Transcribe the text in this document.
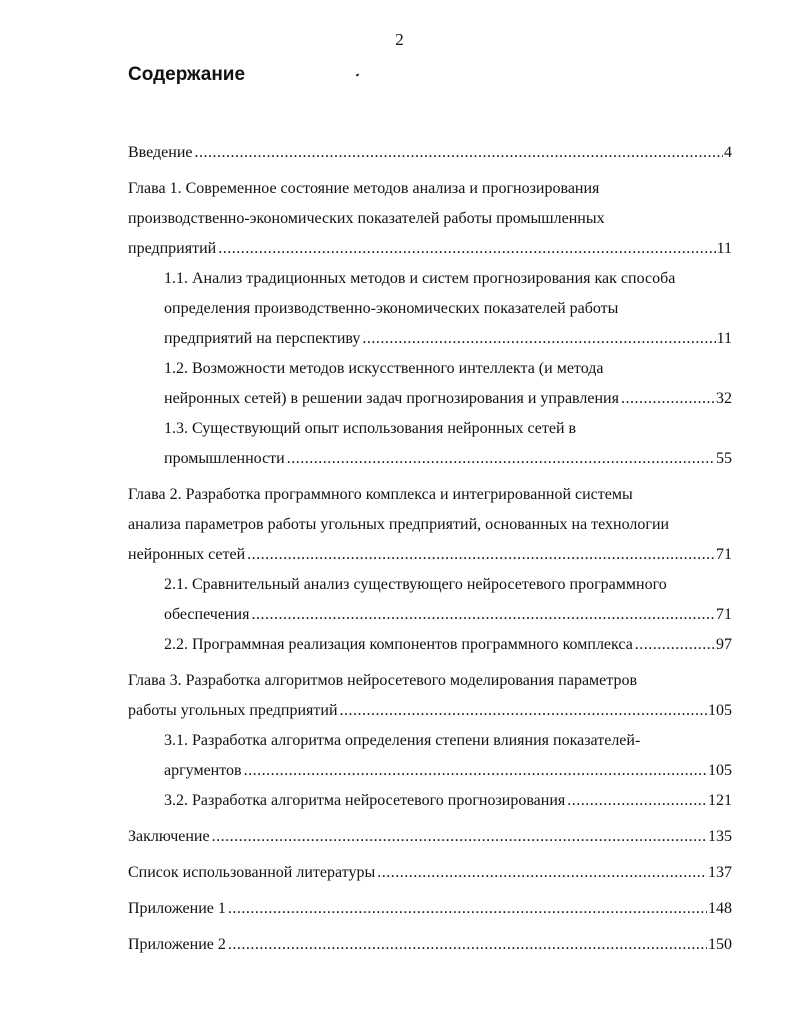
2
Содержание
Введение .....	4
Глава 1. Современное состояние методов анализа и прогнозирования
производственно-экономических показателей работы промышленных
предприятий .....	11
1.1. Анализ традиционных методов и систем прогнозирования как способа
определения производственно-экономических показателей работы
предприятий на перспективу .....	11
1.2. Возможности методов искусственного интеллекта (и метода
нейронных сетей) в решении задач прогнозирования и управления .....	32
1.3. Существующий опыт использования нейронных сетей в
промышленности .....	55
Глава 2. Разработка программного комплекса и интегрированной системы
анализа параметров работы угольных предприятий, основанных на технологии
нейронных сетей .....	71
2.1. Сравнительный анализ существующего нейросетевого программного
обеспечения .....	71
2.2. Программная реализация компонентов программного комплекса .....	97
Глава 3. Разработка алгоритмов нейросетевого моделирования параметров
работы угольных предприятий .....	105
3.1. Разработка алгоритма определения степени влияния показателей-
аргументов .....	105
3.2. Разработка алгоритма нейросетевого прогнозирования .....	121
Заключение .....	135
Список использованной литературы .....	137
Приложение 1 .....	148
Приложение 2 .....	150
